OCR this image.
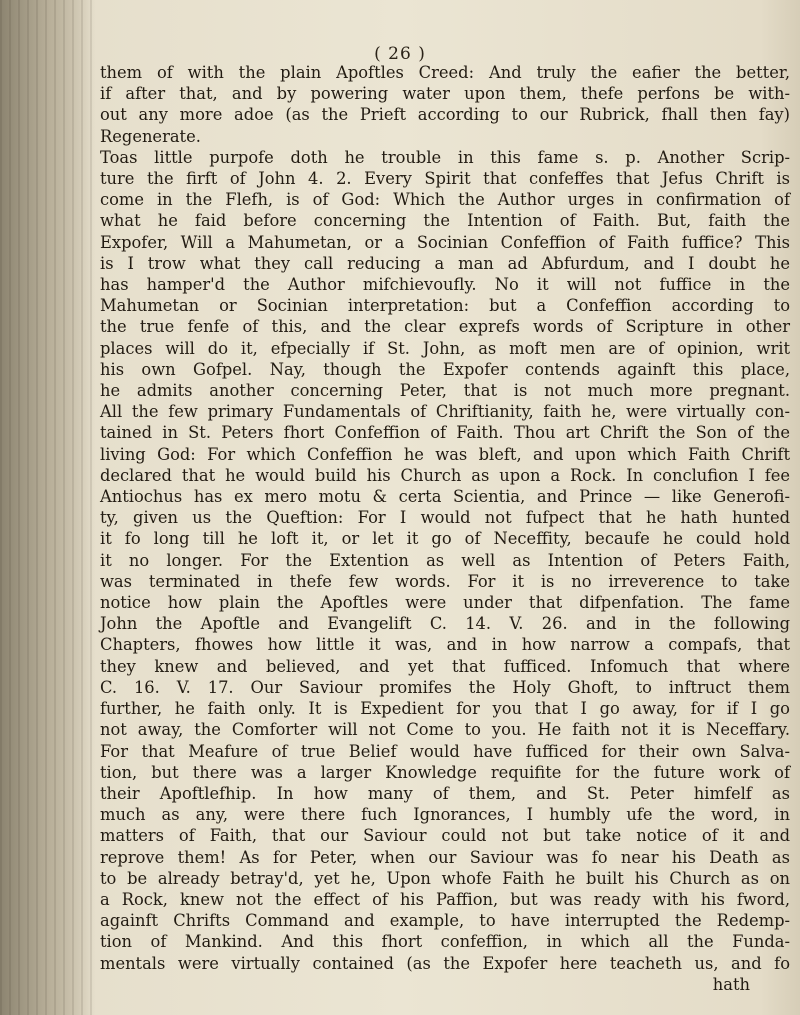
( 26 )
them of with the plain Apoftles Creed: And truly the eafier the better,
if after that, and by powering water upon them, thefe perfons be with-
out any more adoe (as the Prieft according to our Rubrick, fhall then fay)
Regenerate.
Toas little purpofe doth he trouble in this fame s. p. Another Scrip-
ture the firft of John 4. 2. Every Spirit that confeffes that Jefus Chrift is
come in the Flefh, is of God: Which the Author urges in confirmation of
what he faid before concerning the Intention of Faith. But, faith the
Expofer, Will a Mahumetan, or a Socinian Confeffion of Faith fuffice? This
is I trow what they call reducing a man ad Abfurdum, and I doubt he
has hamper'd the Author mifchievoufly. No it will not fuffice in the
Mahumetan or Socinian interpretation: but a Confeffion according to
the true fenfe of this, and the clear exprefs words of Scripture in other
places will do it, efpecially if St. John, as moft men are of opinion, writ
his own Gofpel. Nay, though the Expofer contends againft this place,
he admits another concerning Peter, that is not much more pregnant.
All the few primary Fundamentals of Chriftianity, faith he, were virtually con-
tained in St. Peters fhort Confeffion of Faith. Thou art Chrift the Son of the
living God: For which Confeffion he was bleft, and upon which Faith Chrift
declared that he would build his Church as upon a Rock. In conclufion I fee
Antiochus has ex mero motu & certa Scientia, and Prince — like Generofi-
ty, given us the Queftion: For I would not fufpect that he hath hunted
it fo long till he loft it, or let it go of Neceffity, becaufe he could hold
it no longer. For the Extention as well as Intention of Peters Faith,
was terminated in thefe few words. For it is no irreverence to take
notice how plain the Apoftles were under that difpenfation. The fame
John the Apoftle and Evangelift C. 14. V. 26. and in the following
Chapters, fhowes how little it was, and in how narrow a compafs, that
they knew and believed, and yet that fufficed. Infomuch that where
C. 16. V. 17. Our Saviour promifes the Holy Ghoft, to inftruct them
further, he faith only. It is Expedient for you that I go away, for if I go
not away, the Comforter will not Come to you. He faith not it is Neceffary.
For that Meafure of true Belief would have fufficed for their own Salva-
tion, but there was a larger Knowledge requifite for the future work of
their Apoftlefhip. In how many of them, and St. Peter himfelf as
much as any, were there fuch Ignorances, I humbly ufe the word, in
matters of Faith, that our Saviour could not but take notice of it and
reprove them! As for Peter, when our Saviour was fo near his Death as
to be already betray'd, yet he, Upon whofe Faith he built his Church as on
a Rock, knew not the effect of his Paffion, but was ready with his fword,
againft Chrifts Command and example, to have interrupted the Redemp-
tion of Mankind. And this fhort confeffion, in which all the Funda-
mentals were virtually contained (as the Expofer here teacheth us, and fo
hath
